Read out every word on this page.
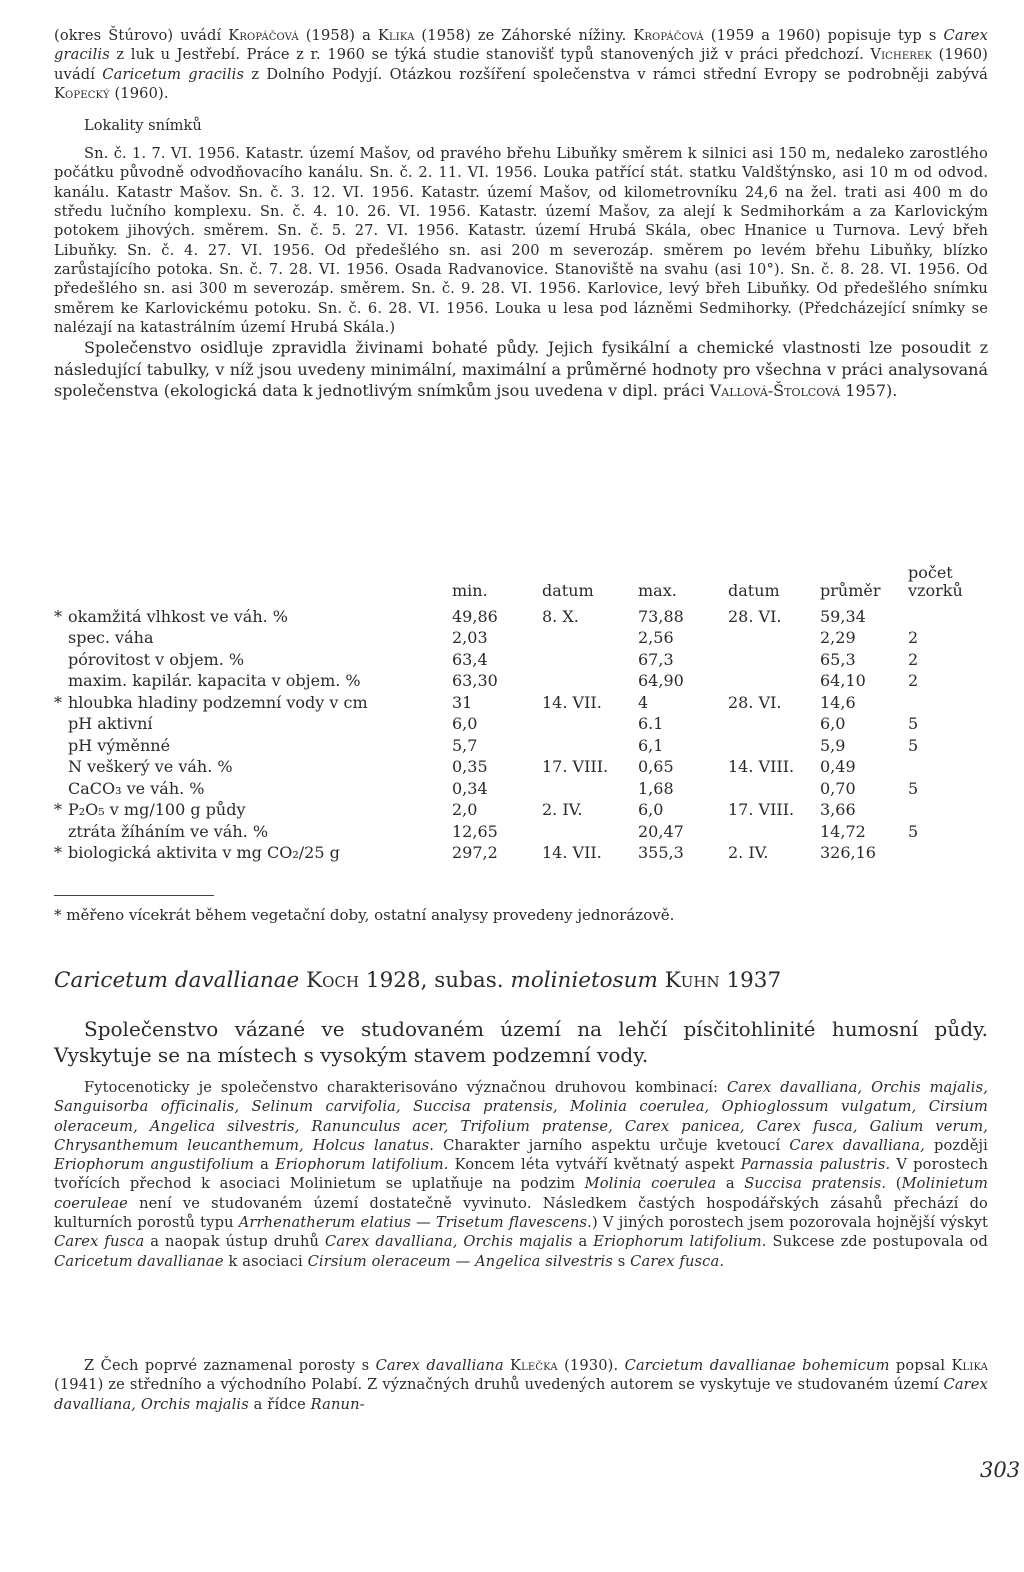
(okres Štúrovo) uvádí Kropáčová (1958) a Klika (1958) ze Záhorské nížiny. Kropáčová (1959 a 1960) popisuje typ s Carex gracilis z luk u Jestřebí. Práce z r. 1960 se týká studie stanovišť typů stanovených již v práci předchozí. Vicherek (1960) uvádí Caricetum gracilis z Dolního Podyjí. Otázkou rozšíření společenstva v rámci střední Evropy se podrobněji zabývá Kopecký (1960).

Lokality snímků

Sn. č. 1. 7. VI. 1956. Katastr. území Mašov, od pravého břehu Libuňky směrem k silnici asi 150 m, nedaleko zarostlého počátku původně odvodňovacího kanálu. Sn. č. 2. 11. VI. 1956. Louka patřící stát. statku Valdštýnsko, asi 10 m od odvod. kanálu. Katastr Mašov. Sn. č. 3. 12. VI. 1956. Katastr. území Mašov, od kilometrovníku 24,6 na žel. trati asi 400 m do středu lučního komplexu. Sn. č. 4. 10. 26. VI. 1956. Katastr. území Mašov, za alejí k Sedmihorkám a za Karlovickým potokem jihových. směrem. Sn. č. 5. 27. VI. 1956. Katastr. území Hrubá Skála, obec Hnanice u Turnova. Levý břeh Libuňky. Sn. č. 4. 27. VI. 1956. Od předešlého sn. asi 200 m severozáp. směrem po levém břehu Libuňky, blízko zarůstajícího potoka. Sn. č. 7. 28. VI. 1956. Osada Radvanovice. Stanoviště na svahu (asi 10°). Sn. č. 8. 28. VI. 1956. Od předešlého sn. asi 300 m severozáp. směrem. Sn. č. 9. 28. VI. 1956. Karlovice, levý břeh Libuňky. Od předešlého snímku směrem ke Karlovickému potoku. Sn. č. 6. 28. VI. 1956. Louka u lesa pod lázněmi Sedmihorky. (Předcházející snímky se nalézají na katastrálním území Hrubá Skála.)

Společenstvo osidluje zpravidla živinami bohaté půdy. Jejich fysikální a chemické vlastnosti lze posoudit z následující tabulky, v níž jsou uvedeny minimální, maximální a průměrné hodnoty pro všechna v práci analysovaná společenstva (ekologická data k jednotlivým snímkům jsou uvedena v dipl. práci Vallová-Štolcová 1957).

		min.	datum	max.	datum	průměr	počet
vzorků
*	okamžitá vlhkost ve váh. %	49,86	8. X.	73,88	28. VI.	59,34	
	spec. váha	2,03		2,56		2,29	2
	pórovitost v objem. %	63,4		67,3		65,3	2
	maxim. kapilár. kapacita v objem. %	63,30		64,90		64,10	2
*	hloubka hladiny podzemní vody v cm	31	14. VII.	4	28. VI.	14,6	
	pH aktivní	6,0		6.1		6,0	5
	pH výměnné	5,7		6,1		5,9	5
	N veškerý ve váh. %	0,35	17. VIII.	0,65	14. VIII.	0,49	
	CaCO₃ ve váh. %	0,34		1,68		0,70	5
*	P₂O₅ v mg/100 g půdy	2,0	2. IV.	6,0	17. VIII.	3,66	
	ztráta žíháním ve váh. %	12,65		20,47		14,72	5
*	biologická aktivita v mg CO₂/25 g	297,2	14. VII.	355,3	2. IV.	326,16	
* měřeno vícekrát během vegetační doby, ostatní analysy provedeny jednorázově.
Caricetum davallianae Koch 1928, subas. molinietosum Kuhn 1937

Společenstvo vázané ve studovaném území na lehčí písčitohlinité humosní půdy. Vyskytuje se na místech s vysokým stavem podzemní vody.

Fytocenoticky je společenstvo charakterisováno význačnou druhovou kombinací: Carex davalliana, Orchis majalis, Sanguisorba officinalis, Selinum carvifolia, Succisa pratensis, Molinia coerulea, Ophioglossum vulgatum, Cirsium oleraceum, Angelica silvestris, Ranunculus acer, Trifolium pratense, Carex panicea, Carex fusca, Galium verum, Chrysanthemum leucanthemum, Holcus lanatus. Charakter jarního aspektu určuje kvetoucí Carex davalliana, později Eriophorum angustifolium a Eriophorum latifolium. Koncem léta vytváří květnatý aspekt Parnassia palustris. V porostech tvořících přechod k asociaci Molinietum se uplatňuje na podzim Molinia coerulea a Succisa pratensis. (Molinietum coeruleae není ve studovaném území dostatečně vyvinuto. Následkem častých hospodářských zásahů přechází do kulturních porostů typu Arrhenatherum elatius — Trisetum flavescens.) V jiných porostech jsem pozorovala hojnější výskyt Carex fusca a naopak ústup druhů Carex davalliana, Orchis majalis a Eriophorum latifolium. Sukcese zde postupovala od Caricetum davallianae k asociaci Cirsium oleraceum — Angelica silvestris s Carex fusca.

Z Čech poprvé zaznamenal porosty s Carex davalliana Klečka (1930). Carcietum davallianae bohemicum popsal Klika (1941) ze středního a východního Polabí. Z význačných druhů uvedených autorem se vyskytuje ve studovaném území Carex davalliana, Orchis majalis a řídce Ranun-

303
